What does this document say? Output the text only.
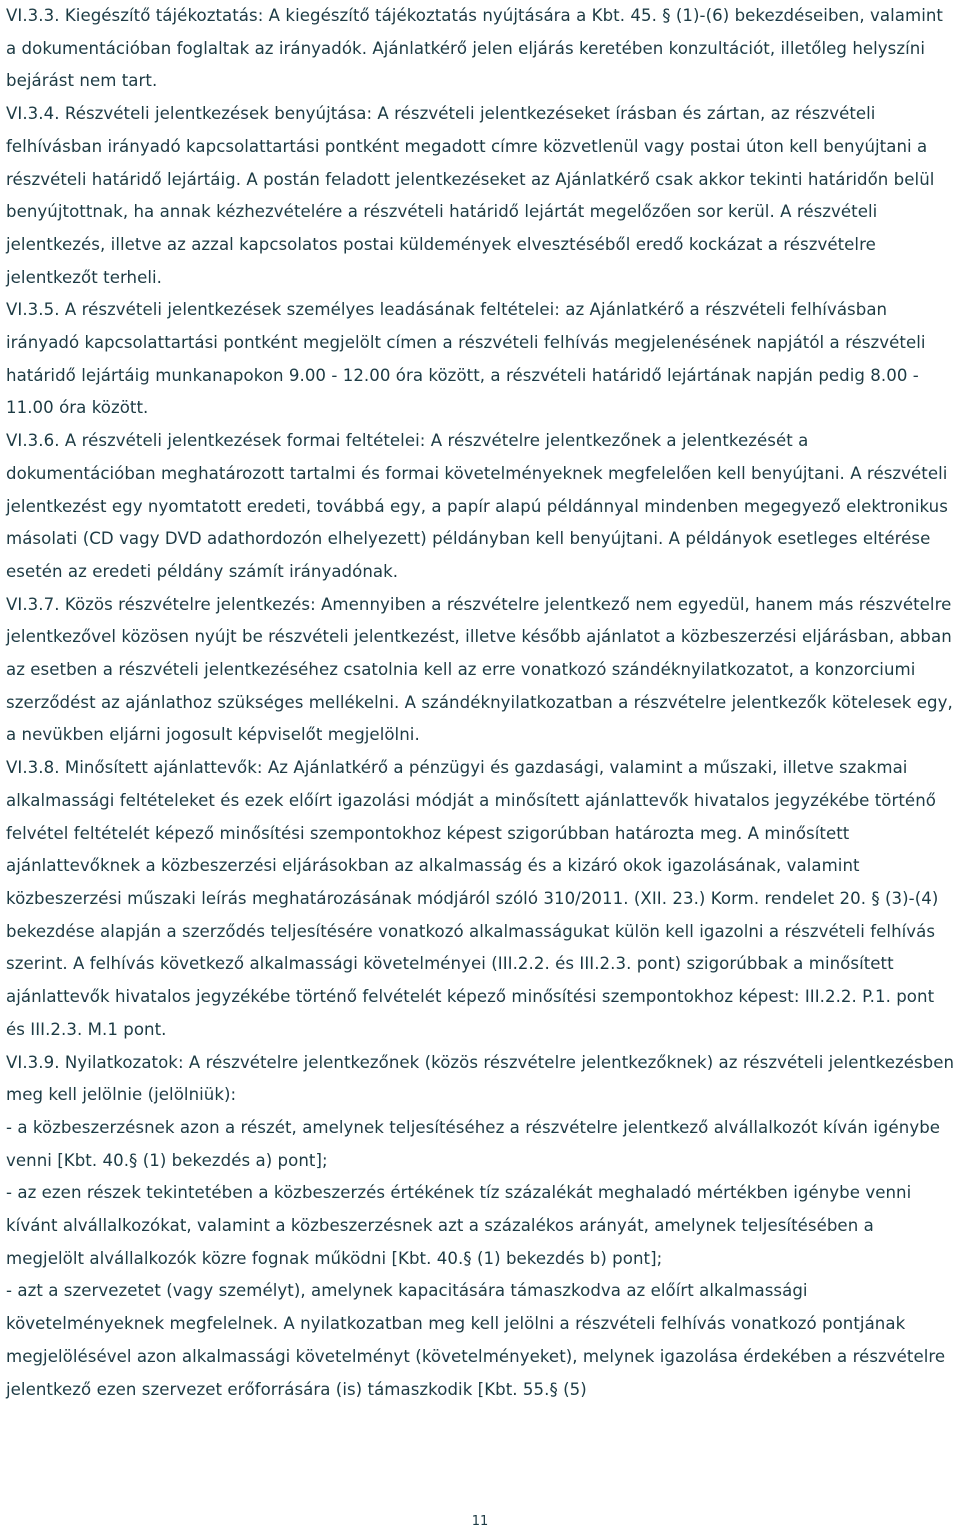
VI.3.3. Kiegészítő tájékoztatás: A kiegészítő tájékoztatás nyújtására a Kbt. 45. § (1)-(6) bekezdéseiben, valamint a dokumentációban foglaltak az irányadók. Ajánlatkérő jelen eljárás keretében konzultációt, illetőleg helyszíni bejárást nem tart.

VI.3.4. Részvételi jelentkezések benyújtása: A részvételi jelentkezéseket írásban és zártan, az részvételi felhívásban irányadó kapcsolattartási pontként megadott címre közvetlenül vagy postai úton kell benyújtani a részvételi határidő lejártáig. A postán feladott jelentkezéseket az Ajánlatkérő csak akkor tekinti határidőn belül benyújtottnak, ha annak kézhezvételére a részvételi határidő lejártát megelőzően sor kerül. A részvételi jelentkezés, illetve az azzal kapcsolatos postai küldemények elvesztéséből eredő kockázat a részvételre jelentkezőt terheli.

VI.3.5. A részvételi jelentkezések személyes leadásának feltételei: az Ajánlatkérő a részvételi felhívásban irányadó kapcsolattartási pontként megjelölt címen a részvételi felhívás megjelenésének napjától a részvételi határidő lejártáig munkanapokon 9.00 - 12.00 óra között, a részvételi határidő lejártának napján pedig 8.00 - 11.00 óra között.

VI.3.6. A részvételi jelentkezések formai feltételei: A részvételre jelentkezőnek a jelentkezését a dokumentációban meghatározott tartalmi és formai követelményeknek megfelelően kell benyújtani. A részvételi jelentkezést egy nyomtatott eredeti, továbbá egy, a papír alapú példánnyal mindenben megegyező elektronikus másolati (CD vagy DVD adathordozón elhelyezett) példányban kell benyújtani. A példányok esetleges eltérése esetén az eredeti példány számít irányadónak.

VI.3.7. Közös részvételre jelentkezés: Amennyiben a részvételre jelentkező nem egyedül, hanem más részvételre jelentkezővel közösen nyújt be részvételi jelentkezést, illetve később ajánlatot a közbeszerzési eljárásban, abban az esetben a részvételi jelentkezéséhez csatolnia kell az erre vonatkozó szándéknyilatkozatot, a konzorciumi szerződést az ajánlathoz szükséges mellékelni. A szándéknyilatkozatban a részvételre jelentkezők kötelesek egy, a nevükben eljárni jogosult képviselőt megjelölni.

VI.3.8. Minősített ajánlattevők: Az Ajánlatkérő a pénzügyi és gazdasági, valamint a műszaki, illetve szakmai alkalmassági feltételeket és ezek előírt igazolási módját a minősített ajánlattevők hivatalos jegyzékébe történő felvétel feltételét képező minősítési szempontokhoz képest szigorúbban határozta meg. A minősített ajánlattevőknek a közbeszerzési eljárásokban az alkalmasság és a kizáró okok igazolásának, valamint közbeszerzési műszaki leírás meghatározásának módjáról szóló 310/2011. (XII. 23.) Korm. rendelet 20. § (3)-(4) bekezdése alapján a szerződés teljesítésére vonatkozó alkalmasságukat külön kell igazolni a részvételi felhívás szerint. A felhívás következő alkalmassági követelményei (III.2.2. és III.2.3. pont) szigorúbbak a minősített ajánlattevők hivatalos jegyzékébe történő felvételét képező minősítési szempontokhoz képest: III.2.2. P.1. pont és III.2.3. M.1 pont.

VI.3.9. Nyilatkozatok: A részvételre jelentkezőnek (közös részvételre jelentkezőknek) az részvételi jelentkezésben meg kell jelölnie (jelölniük):

- a közbeszerzésnek azon a részét, amelynek teljesítéséhez a részvételre jelentkező alvállalkozót kíván igénybe venni [Kbt. 40.§ (1) bekezdés a) pont];

- az ezen részek tekintetében a közbeszerzés értékének tíz százalékát meghaladó mértékben igénybe venni kívánt alvállalkozókat, valamint a közbeszerzésnek azt a százalékos arányát, amelynek teljesítésében a megjelölt alvállalkozók közre fognak működni [Kbt. 40.§ (1) bekezdés b) pont];

- azt a szervezetet (vagy személyt), amelynek kapacitására támaszkodva az előírt alkalmassági követelményeknek megfelelnek. A nyilatkozatban meg kell jelölni a részvételi felhívás vonatkozó pontjának megjelölésével azon alkalmassági követelményt (követelményeket), melynek igazolása érdekében a részvételre jelentkező ezen szervezet erőforrására (is) támaszkodik [Kbt. 55.§ (5)

11
